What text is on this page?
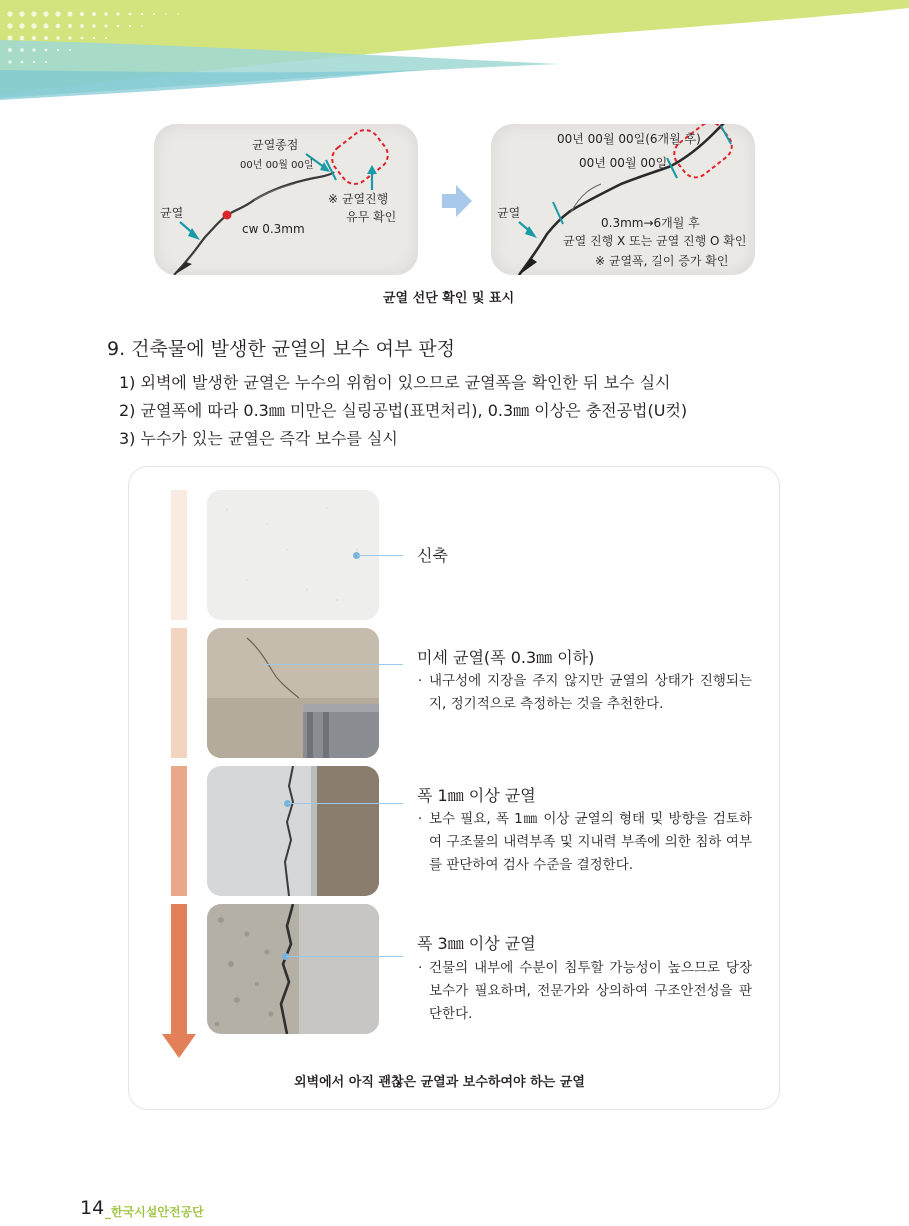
균열종점
00년 00월 00일
균열
cw 0.3mm
※ 균열진행
유무 확인
00년 00월 00일(6개월 후)
00년 00월 00일
균열
0.3mm→6개월 후
균열 진행 X 또는 균열 진행 O 확인
※ 균열폭, 길이 증가 확인
균열 선단 확인 및 표시
9. 건축물에 발생한 균열의 보수 여부 판정
1) 외벽에 발생한 균열은 누수의 위험이 있으므로 균열폭을 확인한 뒤 보수 실시
2) 균열폭에 따라 0.3㎜ 미만은 실링공법(표면처리), 0.3㎜ 이상은 충전공법(U컷)
3) 누수가 있는 균열은 즉각 보수를 실시
신축
미세 균열(폭 0.3㎜ 이하)
· 내구성에 지장을 주지 않지만 균열의 상태가 진행되는지, 정기적으로 측정하는 것을 추천한다.
폭 1㎜ 이상 균열
· 보수 필요, 폭 1㎜ 이상 균열의 형태 및 방향을 검토하여 구조물의 내력부족 및 지내력 부족에 의한 침하 여부를 판단하여 검사 수준을 결정한다.
폭 3㎜ 이상 균열
· 건물의 내부에 수분이 침투할 가능성이 높으므로 당장 보수가 필요하며, 전문가와 상의하여 구조안전성을 판단한다.
외벽에서 아직 괜찮은 균열과 보수하여야 하는 균열
14 _한국시설안전공단
